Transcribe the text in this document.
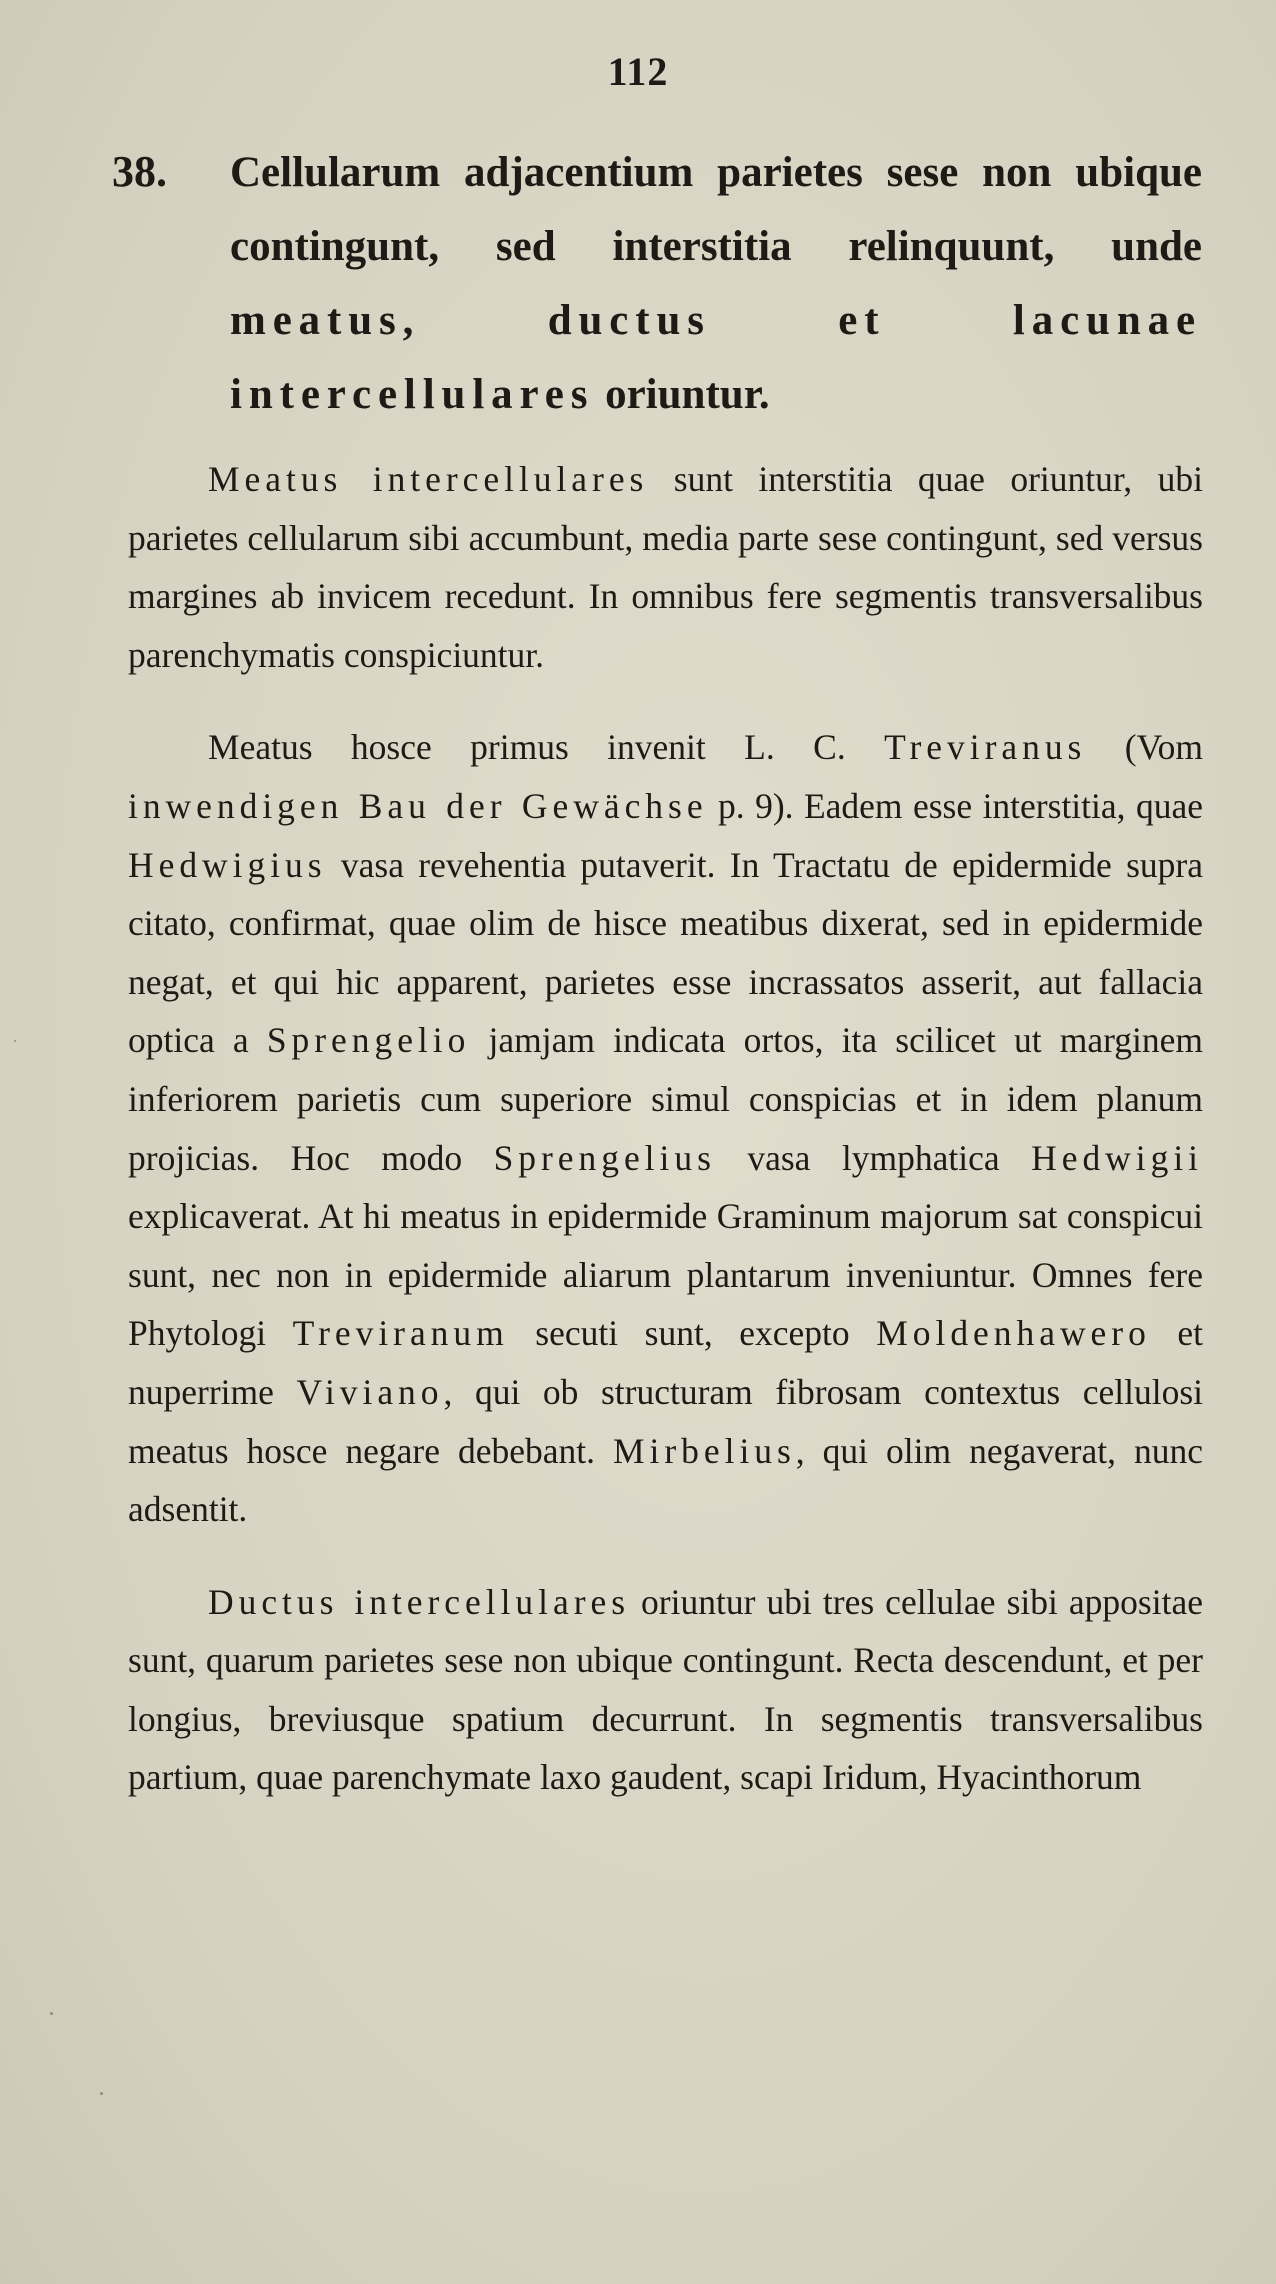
112
38. Cellularum adjacentium parietes sese non ubique contingunt, sed interstitia relinquunt, unde meatus, ductus et lacunae intercellulares oriuntur.

Meatus intercellulares sunt interstitia quae oriuntur, ubi parietes cellularum sibi accumbunt, media parte sese contingunt, sed versus margines ab invicem recedunt. In omnibus fere segmentis transversalibus parenchymatis conspiciuntur.

Meatus hosce primus invenit L. C. Treviranus (Vom inwendigen Bau der Gewächse p. 9). Eadem esse interstitia, quae Hedwigius vasa revehentia putaverit. In Tractatu de epidermide supra citato, confirmat, quae olim de hisce meatibus dixerat, sed in epidermide negat, et qui hic apparent, parietes esse incrassatos asserit, aut fallacia optica a Sprengelio jamjam indicata ortos, ita scilicet ut marginem inferiorem parietis cum superiore simul conspicias et in idem planum projicias. Hoc modo Sprengelius vasa lymphatica Hedwigii explicaverat. At hi meatus in epidermide Graminum majorum sat conspicui sunt, nec non in epidermide aliarum plantarum inveniuntur. Omnes fere Phytologi Treviranum secuti sunt, excepto Moldenhawero et nuperrime Viviano, qui ob structuram fibrosam contextus cellulosi meatus hosce negare debebant. Mirbelius, qui olim negaverat, nunc adsentit.

Ductus intercellulares oriuntur ubi tres cellulae sibi appositae sunt, quarum parietes sese non ubique contingunt. Recta descendunt, et per longius, breviusque spatium decurrunt. In segmentis transversalibus partium, quae parenchymate laxo gaudent, scapi Iridum, Hyacinthorum
